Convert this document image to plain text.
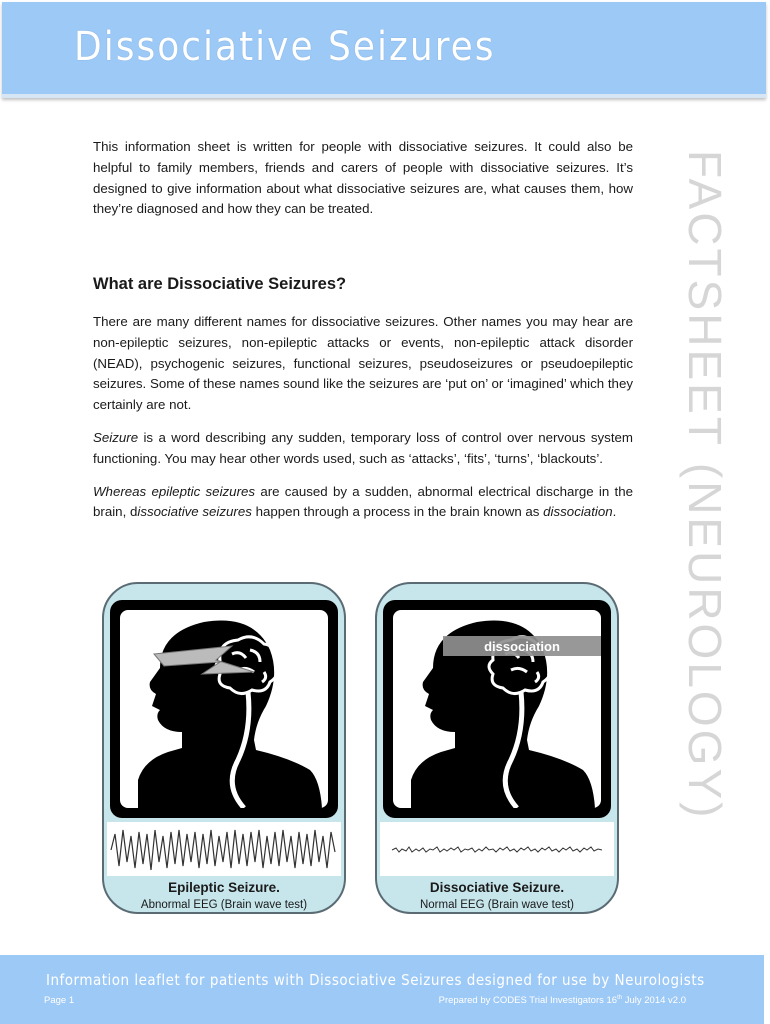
Dissociative Seizures
FACTSHEET (NEUROLOGY)

This information sheet is written for people with dissociative seizures. It could also be helpful to family members, friends and carers of people with dissociative seizures. It’s designed to give information about what dissociative seizures are, what causes them, how they’re diagnosed and how they can be treated.

What are Dissociative Seizures?

There are many different names for dissociative seizures. Other names you may hear are non-epileptic seizures, non-epileptic attacks or events, non-epileptic attack disorder (NEAD), psychogenic seizures, functional seizures, pseudoseizures or pseudoepileptic seizures. Some of these names sound like the seizures are ‘put on’ or ‘imagined’ which they certainly are not.

Seizure is a word describing any sudden, temporary loss of control over nervous system functioning. You may hear other words used, such as ‘attacks’, ‘fits’, ‘turns’, ‘blackouts’.

Whereas epileptic seizures are caused by a sudden, abnormal electrical discharge in the brain, dissociative seizures happen through a process in the brain known as dissociation.

Epileptic Seizure.
Abnormal EEG (Brain wave test)
dissociation
Dissociative Seizure.
Normal EEG (Brain wave test)
Information leaflet for patients with Dissociative Seizures designed for use by Neurologists
Page 1	Prepared by CODES Trial Investigators 16th July 2014 v2.0
